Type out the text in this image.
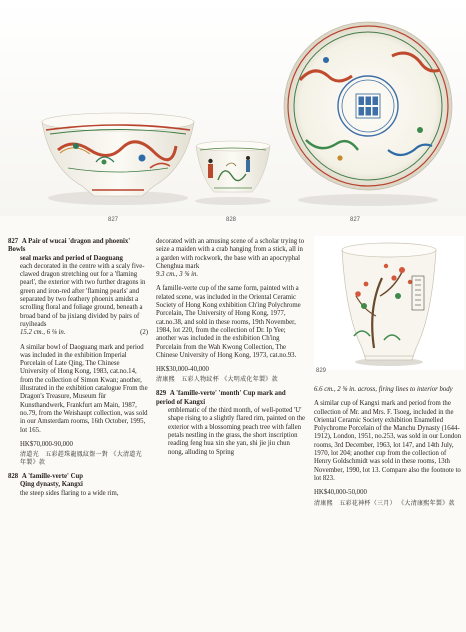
827	828	827

827 A Pair of wucai 'dragon and phoenix' Bowls

seal marks and period of Daoguang

each decorated in the centre with a scaly five-clawed dragon stretching out for a 'flaming pearl', the exterior with two further dragons in green and iron-red after 'flaming pearls' and separated by two feathery phoenix amidst a scrolling floral and foliage ground, beneath a broad band of ba jixiang divided by pairs of ruyiheads

15.2 cm., 6 ⅛ in.	(2)

A similar bowl of Daoguang mark and period was included in the exhibition Imperial Porcelain of Late Qing, The Chinese University of Hong Kong, 1983, cat.no.14, from the collection of Simon Kwan; another, illustrated in the exhibition catalogue From the Dragon's Treasure, Museum für Kunsthandwerk, Frankfurt am Main, 1987, no.79, from the Weishaupt collection, was sold in our Amsterdam rooms, 16th October, 1995, lot 165.

HK$70,000-90,000

清道光　五彩趕珠龍鳳紋盌一對 《大清道光年製》款

828 A 'famille-verte' Cup

Qing dynasty, Kangxi

the steep sides flaring to a wide rim,

decorated with an amusing scene of a scholar trying to seize a maiden with a crab hanging from a stick, all in a garden with rockwork, the base with an apocryphal Chenghua mark

9.3 cm., 3 ⅝ in.

A famille-verte cup of the same form, painted with a related scene, was included in the Oriental Ceramic Society of Hong Kong exhibition Ch'ing Polychrome Porcelain, The University of Hong Kong, 1977, cat.no.38, and sold in these rooms, 19th November, 1984, lot 220, from the collection of Dr. Ip Yee; another was included in the exhibition Ch'ing Porcelain from the Wah Kwong Collection, The Chinese University of Hong Kong, 1973, cat.no.93.

HK$30,000-40,000

清康熙　五彩人物紋杯 《大明成化年製》款

829 A 'famille-verte' 'month' Cup mark and period of Kangxi

emblematic of the third month, of well-potted 'U' shape rising to a slightly flared rim, painted on the exterior with a blossoming peach tree with fallen petals nestling in the grass, the short inscription reading feng hua xin she yan, shi jie jiu chun nong, alluding to Spring

829

6.6 cm., 2 ⅝ in. across, firing lines to interior body

A similar cup of Kangxi mark and period from the collection of Mr. and Mrs. F. Tsoeg, included in the Oriental Ceramic Society exhibition Enamelled Polychrome Porcelain of the Manchu Dynasty (1644-1912), London, 1951, no.253, was sold in our London rooms, 3rd December, 1963, lot 147, and 14th July, 1970, lot 204; another cup from the collection of Henry Goldschmidt was sold in these rooms, 13th November, 1990, lot 13. Compare also the footnote to lot 823.

HK$40,000-50,000

清康熙　五彩花神杯（三月） 《大清康熙年製》款
